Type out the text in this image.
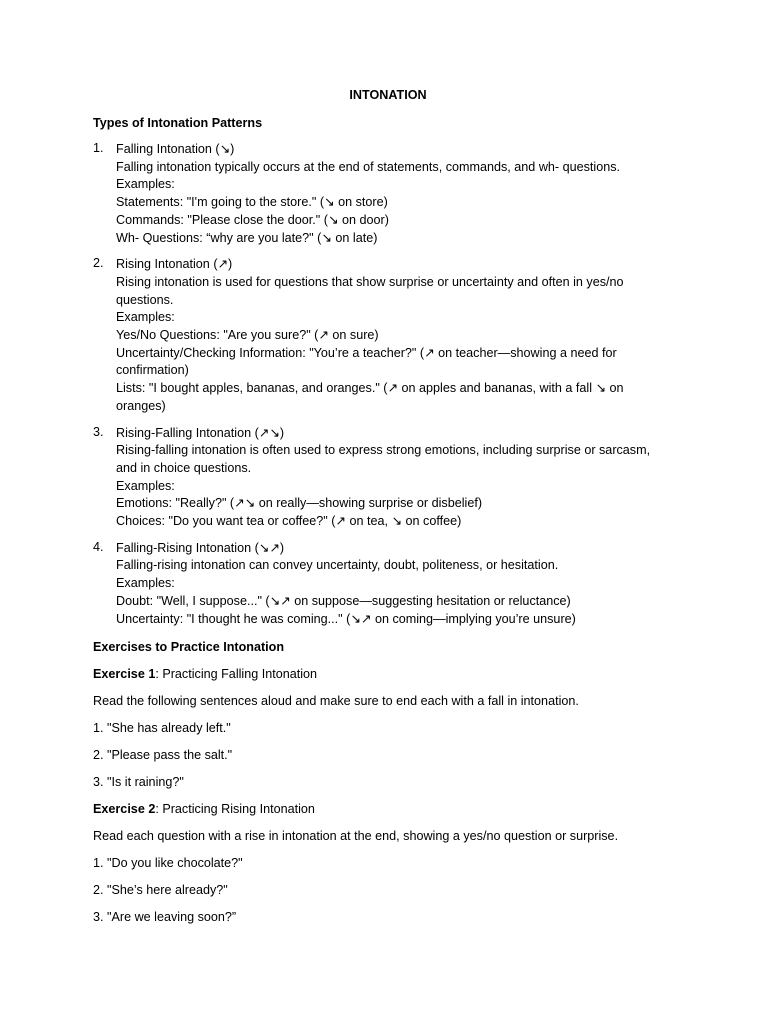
INTONATION

Types of Intonation Patterns

1. Falling Intonation (↘)
Falling intonation typically occurs at the end of statements, commands, and wh- questions.
Examples:
Statements: "I'm going to the store." (↘ on store)
Commands: "Please close the door." (↘ on door)
Wh- Questions: “why are you late?" (↘ on late)
2. Rising Intonation (↗)
Rising intonation is used for questions that show surprise or uncertainty and often in yes/no
questions.
Examples:
Yes/No Questions: "Are you sure?" (↗ on sure)
Uncertainty/Checking Information: "You’re a teacher?" (↗ on teacher—showing a need for
confirmation)
Lists: "I bought apples, bananas, and oranges." (↗ on apples and bananas, with a fall ↘ on
oranges)
3. Rising-Falling Intonation (↗↘)
Rising-falling intonation is often used to express strong emotions, including surprise or sarcasm,
and in choice questions.
Examples:
Emotions: "Really?" (↗↘ on really—showing surprise or disbelief)
Choices: "Do you want tea or coffee?" (↗ on tea, ↘ on coffee)
4. Falling-Rising Intonation (↘↗)
Falling-rising intonation can convey uncertainty, doubt, politeness, or hesitation.
Examples:
Doubt: "Well, I suppose..." (↘↗ on suppose—suggesting hesitation or reluctance)
Uncertainty: "I thought he was coming..." (↘↗ on coming—implying you’re unsure)

Exercises to Practice Intonation

Exercise 1: Practicing Falling Intonation

Read the following sentences aloud and make sure to end each with a fall in intonation.

1. "She has already left."

2. "Please pass the salt."

3. "Is it raining?"

Exercise 2: Practicing Rising Intonation

Read each question with a rise in intonation at the end, showing a yes/no question or surprise.

1. "Do you like chocolate?"

2. "She’s here already?"

3. "Are we leaving soon?”
